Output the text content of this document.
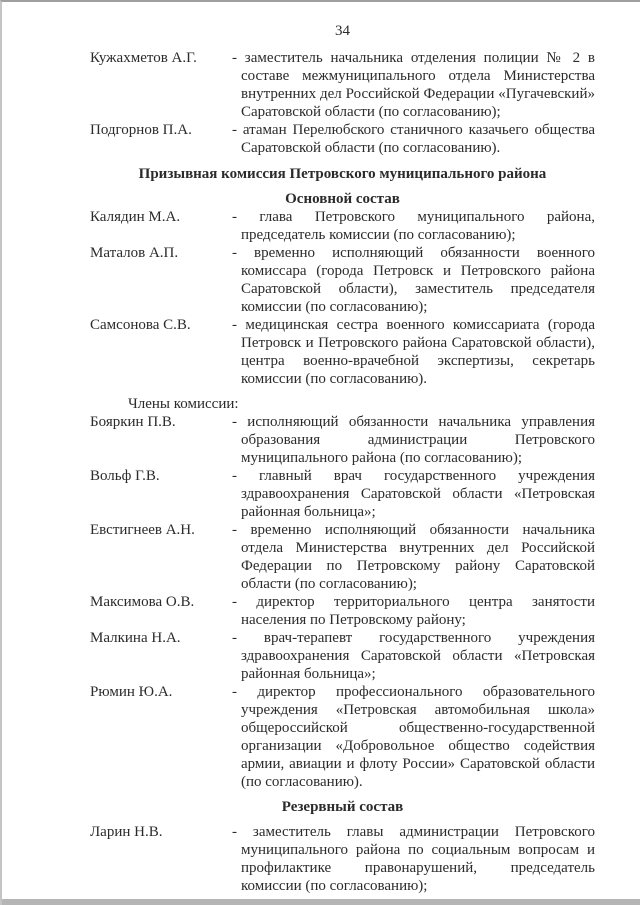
34
Кужахметов А.Г.	- заместитель начальника отделения полиции № 2 в составе межмуниципального отдела Министерства внутренних дел Российской Федерации «Пугачевский» Саратовской области (по согласованию);
Подгорнов П.А.	- атаман Перелюбского станичного казачьего общества Саратовской области (по согласованию).
Призывная комиссия Петровского муниципального района
Основной состав
Калядин М.А.	- глава Петровского муниципального района, председатель комиссии (по согласованию);
Маталов А.П.	- временно исполняющий обязанности военного комиссара (города Петровск и Петровского района Саратовской области), заместитель председателя комиссии (по согласованию);
Самсонова С.В.	- медицинская сестра военного комиссариата (города Петровск и Петровского района Саратовской области), центра военно-врачебной экспертизы, секретарь комиссии (по согласованию).
Члены комиссии:
Бояркин П.В.	- исполняющий обязанности начальника управления образования администрации Петровского муниципального района (по согласованию);
Вольф Г.В.	- главный врач государственного учреждения здравоохранения Саратовской области «Петровская районная больница»;
Евстигнеев А.Н.	- временно исполняющий обязанности начальника отдела Министерства внутренних дел Российской Федерации по Петровскому району Саратовской области (по согласованию);
Максимова О.В.	- директор территориального центра занятости населения по Петровскому району;
Малкина Н.А.	- врач-терапевт государственного учреждения здравоохранения Саратовской области «Петровская районная больница»;
Рюмин Ю.А.	- директор профессионального образовательного учреждения «Петровская автомобильная школа» общероссийской общественно-государственной организации «Добровольное общество содействия армии, авиации и флоту России» Саратовской области (по согласованию).
Резервный состав
Ларин Н.В.	- заместитель главы администрации Петровского муниципального района по социальным вопросам и профилактике правонарушений, председатель комиссии (по согласованию);
